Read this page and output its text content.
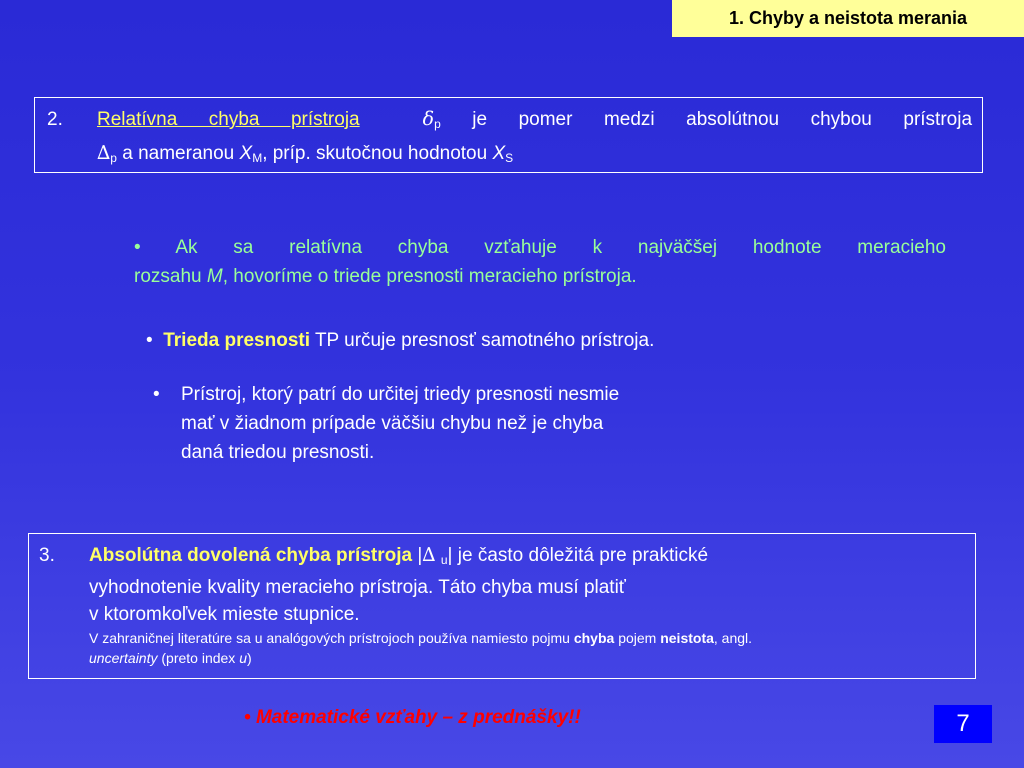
1. Chyby a neistota merania
2. Relatívna chyba prístroja	$\delta_p$ je pomer medzi absolútnou chybou prístroja
$\Delta_p$ a nameranou $X_M$, príp. skutočnou hodnotou $X_S$
• Ak sa relatívna chyba vzťahuje k najväčšej hodnote meracieho
rozsahu M, hovoríme o triede presnosti meracieho prístroja.
• Trieda presnosti TP určuje presnosť samotného prístroja.
• Prístroj, ktorý patrí do určitej triedy presnosti nesmie
mať v žiadnom prípade väčšiu chybu než je chyba
daná triedou presnosti.
3. Absolútna dovolená chyba prístroja |∆ $_u$| je často dôležitá pre praktické
vyhodnotenie kvality meracieho prístroja. Táto chyba musí platiť
v ktoromkoľvek mieste stupnice.
V zahraničnej literatúre sa u analógových prístrojoch používa namiesto pojmu chyba pojem neistota, angl.
uncertainty (preto index u)
• Matematické vzťahy – z prednášky!!	7
